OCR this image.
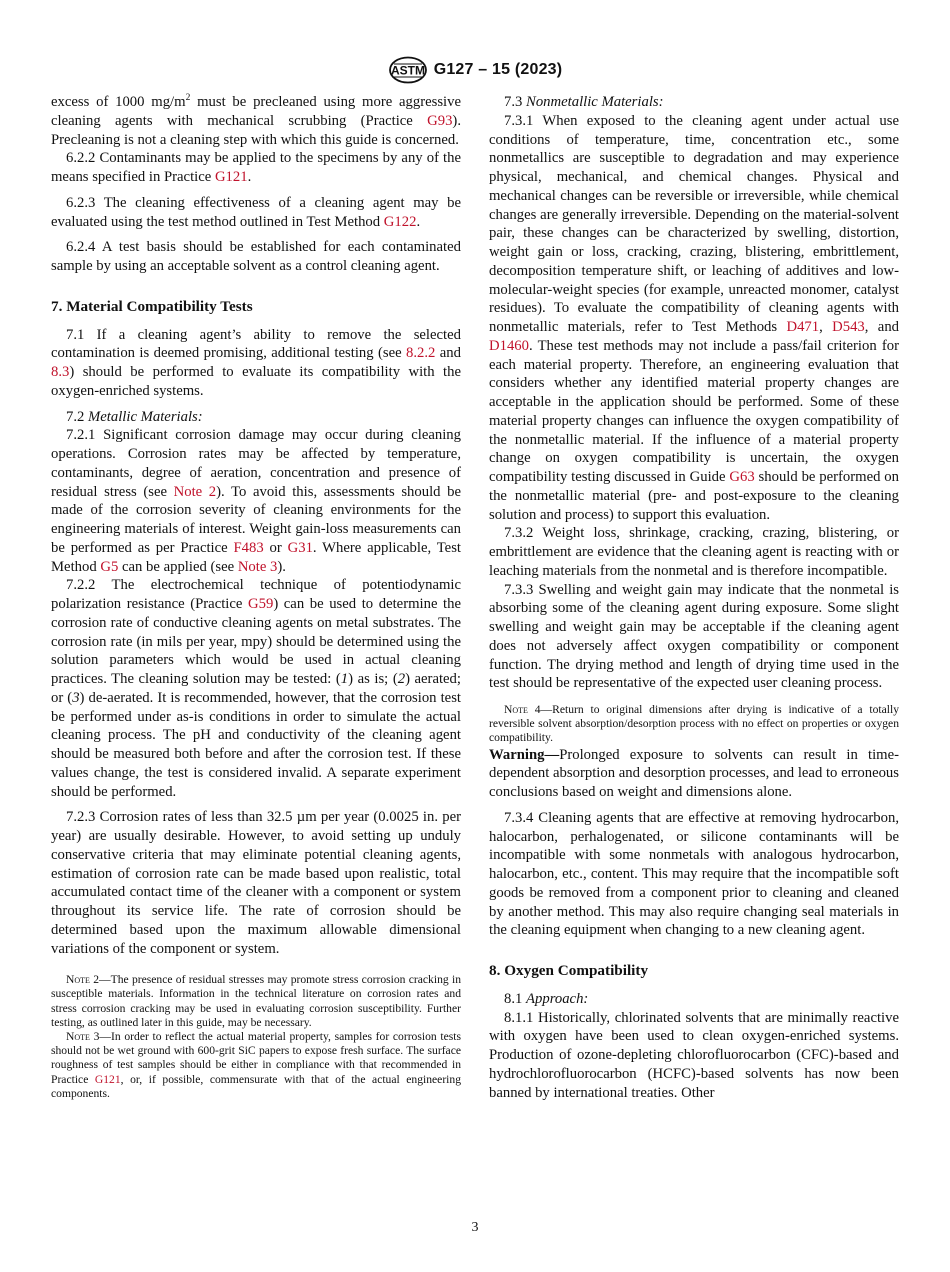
ASTM G127 – 15 (2023)

excess of 1000 $mg/m^2$ must be precleaned using more aggressive cleaning agents with mechanical scrubbing (Practice G93). Precleaning is not a cleaning step with which this guide is concerned.

6.2.2 Contaminants may be applied to the specimens by any of the means specified in Practice G121.

6.2.3 The cleaning effectiveness of a cleaning agent may be evaluated using the test method outlined in Test Method G122.

6.2.4 A test basis should be established for each contaminated sample by using an acceptable solvent as a control cleaning agent.

7. Material Compatibility Tests

7.1 If a cleaning agent’s ability to remove the selected contamination is deemed promising, additional testing (see 8.2.2 and 8.3) should be performed to evaluate its compatibility with the oxygen-enriched systems.

7.2 Metallic Materials:

7.2.1 Significant corrosion damage may occur during cleaning operations. Corrosion rates may be affected by temperature, contaminants, degree of aeration, concentration and presence of residual stress (see Note 2). To avoid this, assessments should be made of the corrosion severity of cleaning environments for the engineering materials of interest. Weight gain-loss measurements can be performed as per Practice F483 or G31. Where applicable, Test Method G5 can be applied (see Note 3).

7.2.2 The electrochemical technique of potentiodynamic polarization resistance (Practice G59) can be used to determine the corrosion rate of conductive cleaning agents on metal substrates. The corrosion rate (in mils per year, mpy) should be determined using the solution parameters which would be used in actual cleaning practices. The cleaning solution may be tested: (1) as is; (2) aerated; or (3) de-aerated. It is recommended, however, that the corrosion test be performed under as-is conditions in order to simulate the actual cleaning process. The pH and conductivity of the cleaning agent should be measured both before and after the corrosion test. If these values change, the test is considered invalid. A separate experiment should be performed.

7.2.3 Corrosion rates of less than 32.5 µm per year (0.0025 in. per year) are usually desirable. However, to avoid setting up unduly conservative criteria that may eliminate potential cleaning agents, estimation of corrosion rate can be made based upon realistic, total accumulated contact time of the cleaner with a component or system throughout its service life. The rate of corrosion should be determined based upon the maximum allowable dimensional variations of the component or system.

Note 2—The presence of residual stresses may promote stress corrosion cracking in susceptible materials. Information in the technical literature on corrosion rates and stress corrosion cracking may be used in evaluating corrosion susceptibility. Further testing, as outlined later in this guide, may be necessary.

Note 3—In order to reflect the actual material property, samples for corrosion tests should not be wet ground with 600-grit SiC papers to expose fresh surface. The surface roughness of test samples should be either in compliance with that recommended in Practice G121, or, if possible, commensurate with that of the actual engineering components.

7.3 Nonmetallic Materials:

7.3.1 When exposed to the cleaning agent under actual use conditions of temperature, time, concentration etc., some nonmetallics are susceptible to degradation and may experience physical, mechanical, and chemical changes. Physical and mechanical changes can be reversible or irreversible, while chemical changes are generally irreversible. Depending on the material-solvent pair, these changes can be characterized by swelling, distortion, weight gain or loss, cracking, crazing, blistering, embrittlement, decomposition temperature shift, or leaching of additives and low-molecular-weight species (for example, unreacted monomer, catalyst residues). To evaluate the compatibility of cleaning agents with nonmetallic materials, refer to Test Methods D471, D543, and D1460. These test methods may not include a pass/fail criterion for each material property. Therefore, an engineering evaluation that considers whether any identified material property changes are acceptable in the application should be performed. Some of these material property changes can influence the oxygen compatibility of the nonmetallic material. If the influence of a material property change on oxygen compatibility is uncertain, the oxygen compatibility testing discussed in Guide G63 should be performed on the nonmetallic material (pre- and post-exposure to the cleaning solution and process) to support this evaluation.

7.3.2 Weight loss, shrinkage, cracking, crazing, blistering, or embrittlement are evidence that the cleaning agent is reacting with or leaching materials from the nonmetal and is therefore incompatible.

7.3.3 Swelling and weight gain may indicate that the nonmetal is absorbing some of the cleaning agent during exposure. Some slight swelling and weight gain may be acceptable if the cleaning agent does not adversely affect oxygen compatibility or component function. The drying method and length of drying time used in the test should be representative of the expected user cleaning process.

Note 4—Return to original dimensions after drying is indicative of a totally reversible solvent absorption/desorption process with no effect on properties or oxygen compatibility.

Warning—Prolonged exposure to solvents can result in time-dependent absorption and desorption processes, and lead to erroneous conclusions based on weight and dimensions alone.

7.3.4 Cleaning agents that are effective at removing hydrocarbon, halocarbon, perhalogenated, or silicone contaminants will be incompatible with some nonmetals with analogous hydrocarbon, halocarbon, etc., content. This may require that the incompatible soft goods be removed from a component prior to cleaning and cleaned by another method. This may also require changing seal materials in the cleaning equipment when changing to a new cleaning agent.

8. Oxygen Compatibility

8.1 Approach:

8.1.1 Historically, chlorinated solvents that are minimally reactive with oxygen have been used to clean oxygen-enriched systems. Production of ozone-depleting chlorofluorocarbon (CFC)-based and hydrochlorofluorocarbon (HCFC)-based solvents has now been banned by international treaties. Other

3
